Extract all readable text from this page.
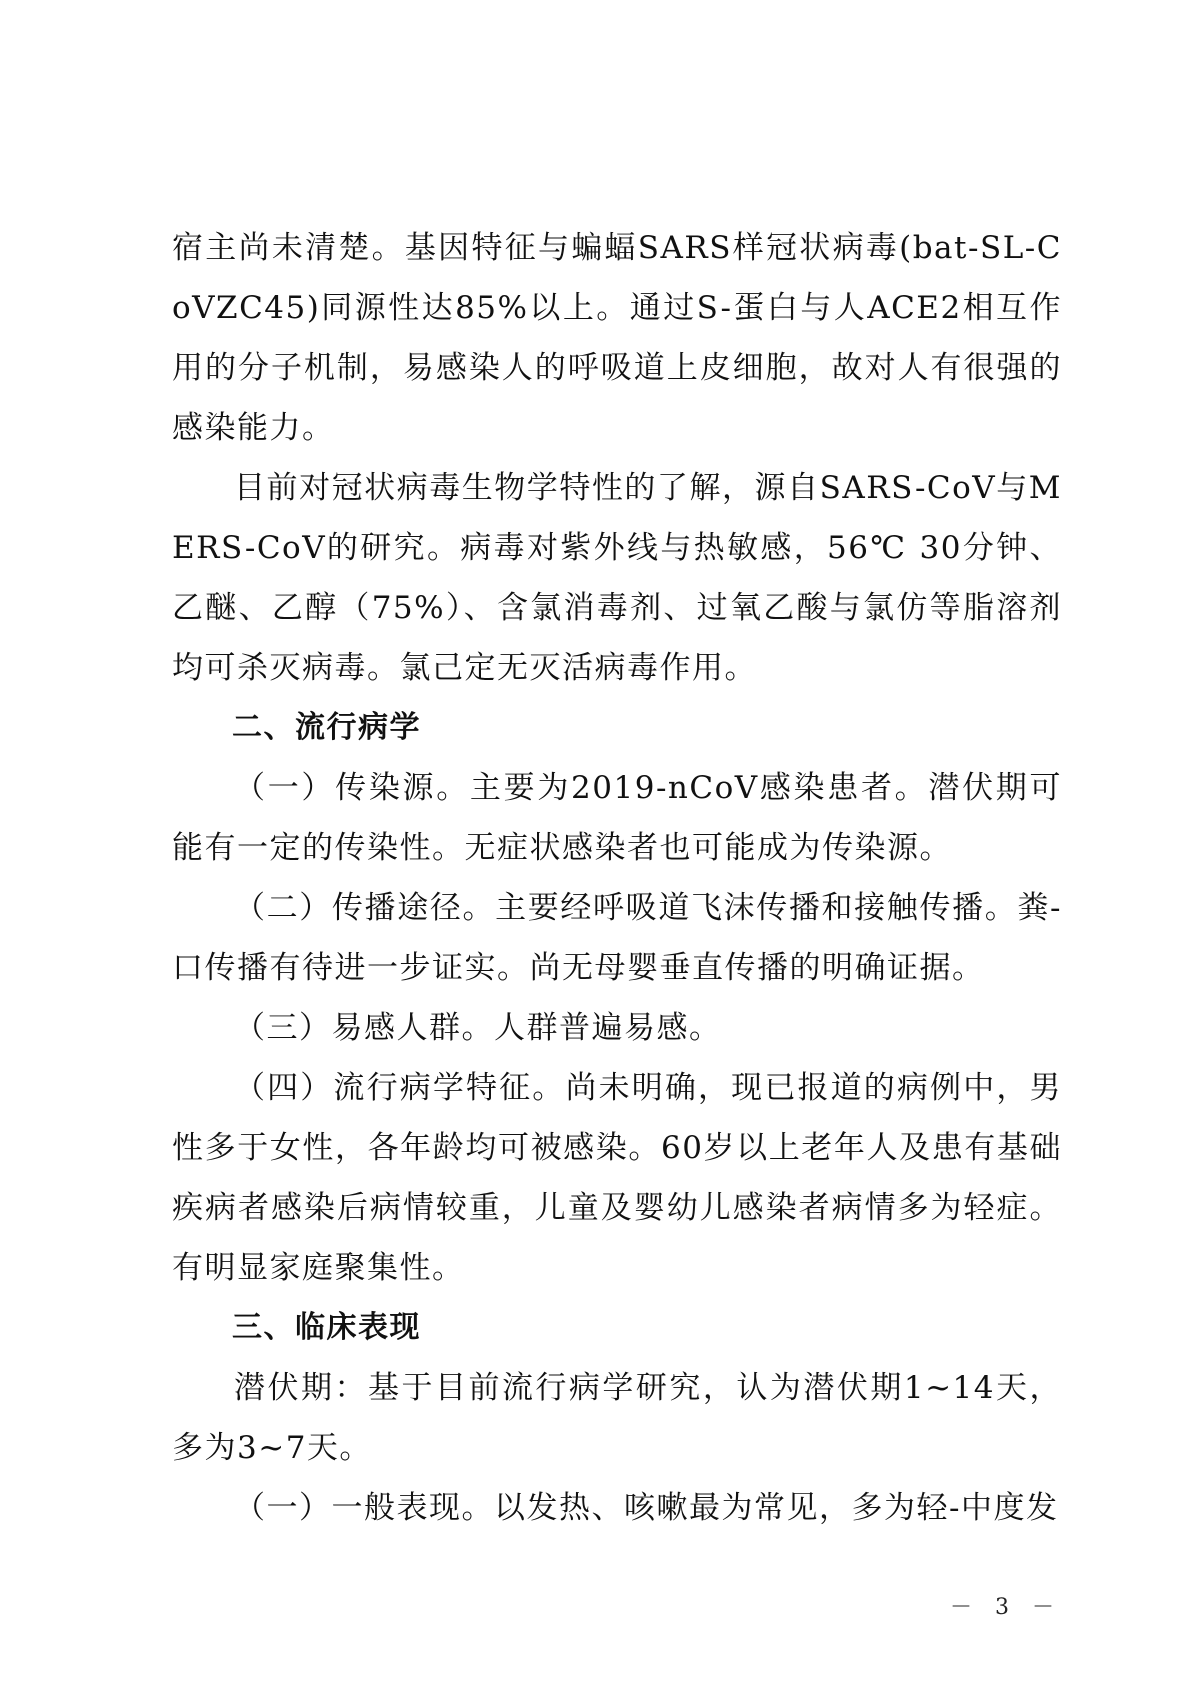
宿主尚未清楚。基因特征与蝙蝠SARS样冠状病毒(bat-SL-CoVZC45)同源性达85%以上。通过S-蛋白与人ACE2相互作用的分子机制，易感染人的呼吸道上皮细胞，故对人有很强的感染能力。

目前对冠状病毒生物学特性的了解，源自SARS-CoV与MERS-CoV的研究。病毒对紫外线与热敏感，56℃ 30分钟、乙醚、乙醇（75%）、含氯消毒剂、过氧乙酸与氯仿等脂溶剂均可杀灭病毒。氯己定无灭活病毒作用。

二、流行病学

（一）传染源。主要为2019-nCoV感染患者。潜伏期可能有一定的传染性。无症状感染者也可能成为传染源。

（二）传播途径。主要经呼吸道飞沫传播和接触传播。粪-口传播有待进一步证实。尚无母婴垂直传播的明确证据。

（三）易感人群。人群普遍易感。

（四）流行病学特征。尚未明确，现已报道的病例中，男性多于女性，各年龄均可被感染。60岁以上老年人及患有基础疾病者感染后病情较重，儿童及婴幼儿感染者病情多为轻症。有明显家庭聚集性。

三、临床表现

潜伏期：基于目前流行病学研究，认为潜伏期1~14天，多为3~7天。

（一）一般表现。以发热、咳嗽最为常见，多为轻-中度发

－ 3 －
